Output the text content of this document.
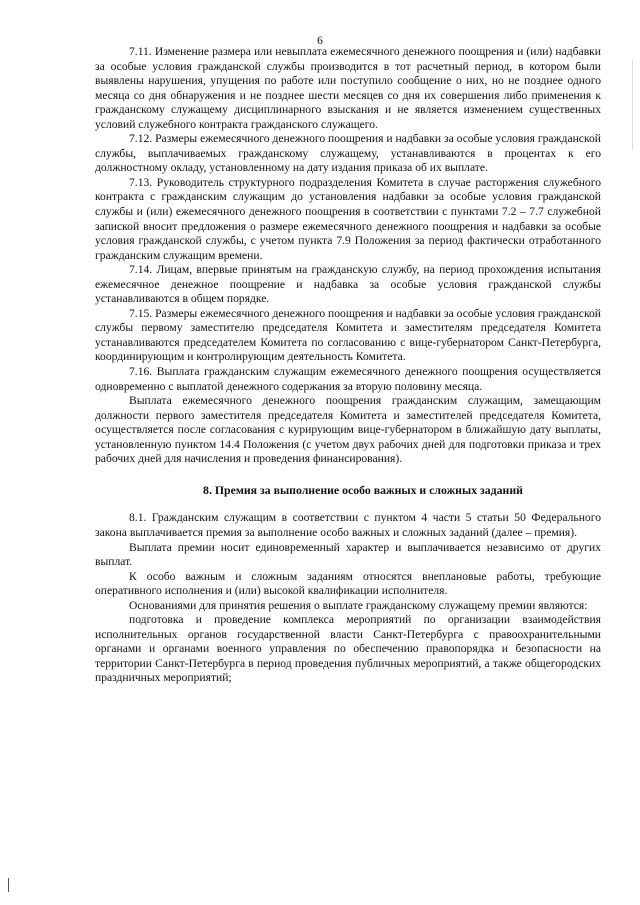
6

7.11. Изменение размера или невыплата ежемесячного денежного поощрения и (или) надбавки за особые условия гражданской службы производится в тот расчетный период, в котором были выявлены нарушения, упущения по работе или поступило сообщение о них, но не позднее одного месяца со дня обнаружения и не позднее шести месяцев со дня их совершения либо применения к гражданскому служащему дисциплинарного взыскания и не является изменением существенных условий служебного контракта гражданского служащего.

7.12. Размеры ежемесячного денежного поощрения и надбавки за особые условия гражданской службы, выплачиваемых гражданскому служащему, устанавливаются в процентах к его должностному окладу, установленному на дату издания приказа об их выплате.

7.13. Руководитель структурного подразделения Комитета в случае расторжения служебного контракта с гражданским служащим до установления надбавки за особые условия гражданской службы и (или) ежемесячного денежного поощрения в соответствии с пунктами 7.2 – 7.7 служебной запиской вносит предложения о размере ежемесячного денежного поощрения и надбавки за особые условия гражданской службы, с учетом пункта 7.9 Положения за период фактически отработанного гражданским служащим времени.

7.14. Лицам, впервые принятым на гражданскую службу, на период прохождения испытания ежемесячное денежное поощрение и надбавка за особые условия гражданской службы устанавливаются в общем порядке.

7.15. Размеры ежемесячного денежного поощрения и надбавки за особые условия гражданской службы первому заместителю председателя Комитета и заместителям председателя Комитета устанавливаются председателем Комитета по согласованию с вице-губернатором Санкт-Петербурга, координирующим и контролирующим деятельность Комитета.

7.16. Выплата гражданским служащим ежемесячного денежного поощрения осуществляется одновременно с выплатой денежного содержания за вторую половину месяца.

Выплата ежемесячного денежного поощрения гражданским служащим, замещающим должности первого заместителя председателя Комитета и заместителей председателя Комитета, осуществляется после согласования с курирующим вице-губернатором в ближайшую дату выплаты, установленную пунктом 14.4 Положения (с учетом двух рабочих дней для подготовки приказа и трех рабочих дней для начисления и проведения финансирования).

8. Премия за выполнение особо важных и сложных заданий

8.1. Гражданским служащим в соответствии с пунктом 4 части 5 статьи 50 Федерального закона выплачивается премия за выполнение особо важных и сложных заданий (далее – премия).

Выплата премии носит единовременный характер и выплачивается независимо от других выплат.

К особо важным и сложным заданиям относятся внеплановые работы, требующие оперативного исполнения и (или) высокой квалификации исполнителя.

Основаниями для принятия решения о выплате гражданскому служащему премии являются:

подготовка и проведение комплекса мероприятий по организации взаимодействия исполнительных органов государственной власти Санкт-Петербурга с правоохранительными органами и органами военного управления по обеспечению правопорядка и безопасности на территории Санкт-Петербурга в период проведения публичных мероприятий, а также общегородских праздничных мероприятий;
